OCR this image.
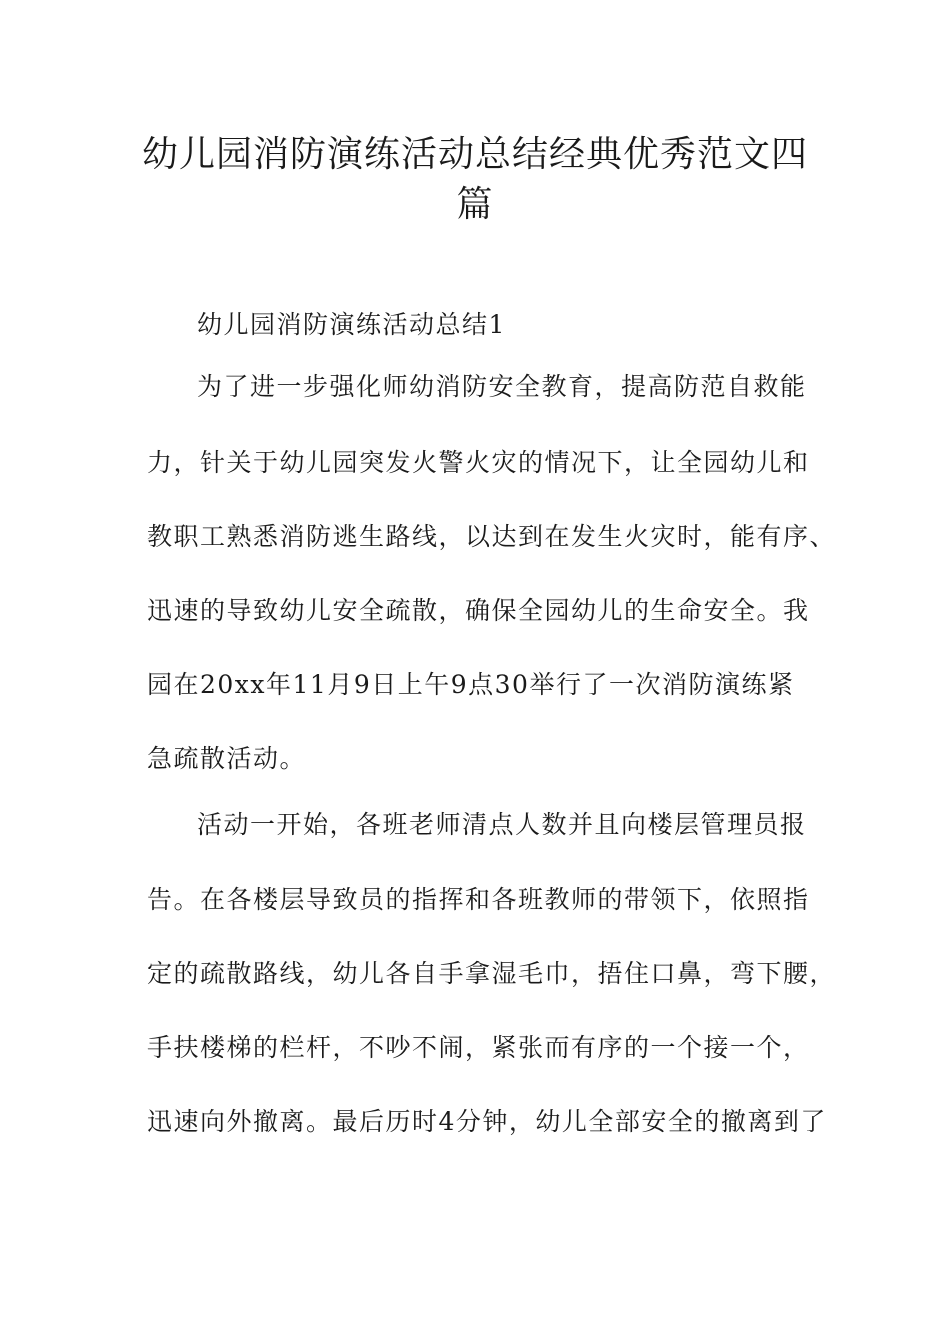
幼儿园消防演练活动总结经典优秀范文四篇
幼儿园消防演练活动总结1
为了进一步强化师幼消防安全教育，提高防范自救能
力，针关于幼儿园突发火警火灾的情况下，让全园幼儿和
教职工熟悉消防逃生路线，以达到在发生火灾时，能有序、
迅速的导致幼儿安全疏散，确保全园幼儿的生命安全。我
园在20xx年11月9日上午9点30举行了一次消防演练紧
急疏散活动。
活动一开始，各班老师清点人数并且向楼层管理员报
告。在各楼层导致员的指挥和各班教师的带领下，依照指
定的疏散路线，幼儿各自手拿湿毛巾，捂住口鼻，弯下腰，
手扶楼梯的栏杆，不吵不闹，紧张而有序的一个接一个，
迅速向外撤离。最后历时4分钟，幼儿全部安全的撤离到了
